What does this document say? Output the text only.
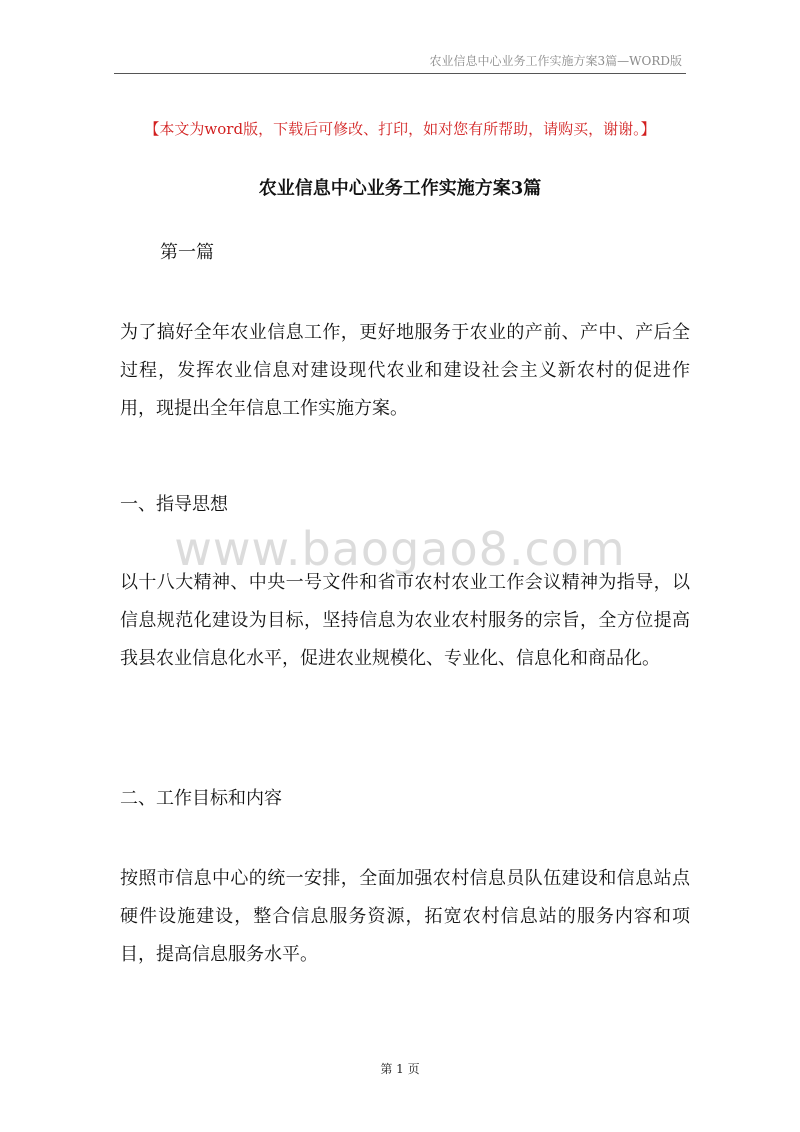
农业信息中心业务工作实施方案3篇—WORD版
【本文为word版，下载后可修改、打印，如对您有所帮助，请购买，谢谢。】
农业信息中心业务工作实施方案3篇
第一篇

为了搞好全年农业信息工作，更好地服务于农业的产前、产中、产后全过程，发挥农业信息对建设现代农业和建设社会主义新农村的促进作用，现提出全年信息工作实施方案。

一、指导思想
www.baogao8.com

以十八大精神、中央一号文件和省市农村农业工作会议精神为指导，以信息规范化建设为目标，坚持信息为农业农村服务的宗旨，全方位提高我县农业信息化水平，促进农业规模化、专业化、信息化和商品化。

二、工作目标和内容

按照市信息中心的统一安排，全面加强农村信息员队伍建设和信息站点硬件设施建设，整合信息服务资源，拓宽农村信息站的服务内容和项目，提高信息服务水平。

第 1 页
